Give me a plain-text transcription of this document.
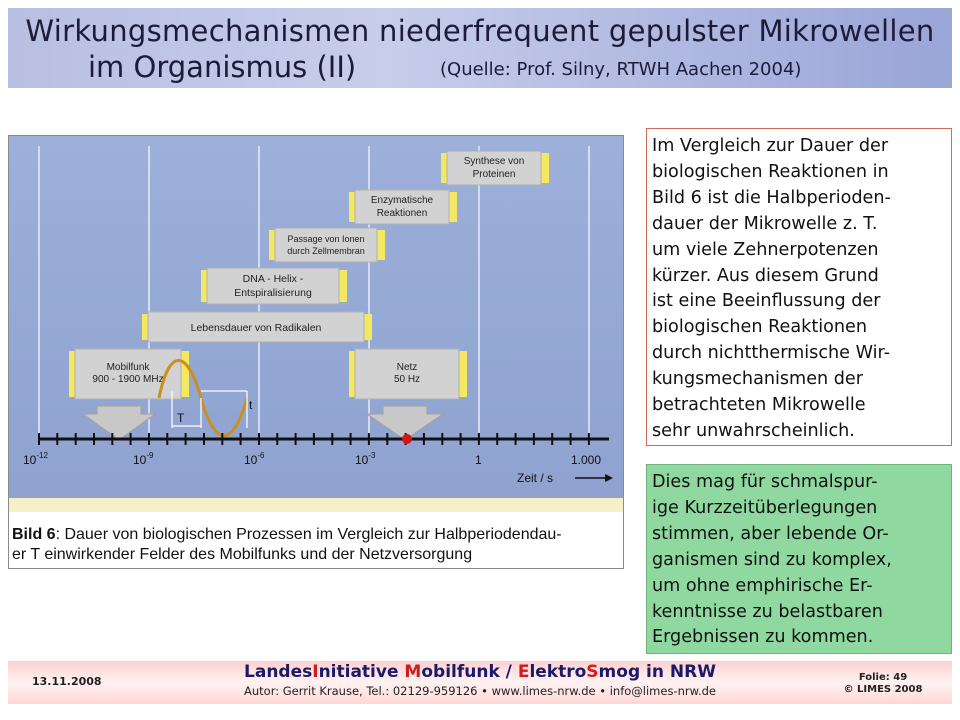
Wirkungsmechanismen niederfrequent gepulster Mikrowellen
im Organismus (II)	(Quelle: Prof. Silny, RTWH Aachen 2004)
Synthese von
Proteinen
Enzymatische
Reaktionen
Passage von Ionen
durch Zellmembran
DNA - Helix -
Entspiralisierung
Lebensdauer von Radikalen
Mobilfunk
900 - 1900 MHz
Netz
50 Hz
T
t
$10^{-12}$	$10^{-9}$	$10^{-6}$	$10^{-3}$	1	1.000
Zeit / s
Bild 6: Dauer von biologischen Prozessen im Vergleich zur Halbperiodendau-
er T einwirkender Felder des Mobilfunks und der Netzversorgung
Im Vergleich zur Dauer der
biologischen Reaktionen in
Bild 6 ist die Halbperioden-
dauer der Mikrowelle z. T.
um viele Zehnerpotenzen
kürzer. Aus diesem Grund
ist eine Beeinflussung der
biologischen Reaktionen
durch nichtthermische Wir-
kungsmechanismen der
betrachteten Mikrowelle
sehr unwahrscheinlich.
Dies mag für schmalspur-
ige Kurzzeitüberlegungen
stimmen, aber lebende Or-
ganismen sind zu komplex,
um ohne emphirische Er-
kenntnisse zu belastbaren
Ergebnissen zu kommen.
13.11.2008	LandesInitiative Mobilfunk / ElektroSmog in NRW
Autor: Gerrit Krause, Tel.: 02129-959126 • www.limes-nrw.de • info@limes-nrw.de
Folie: 49
© LIMES 2008
